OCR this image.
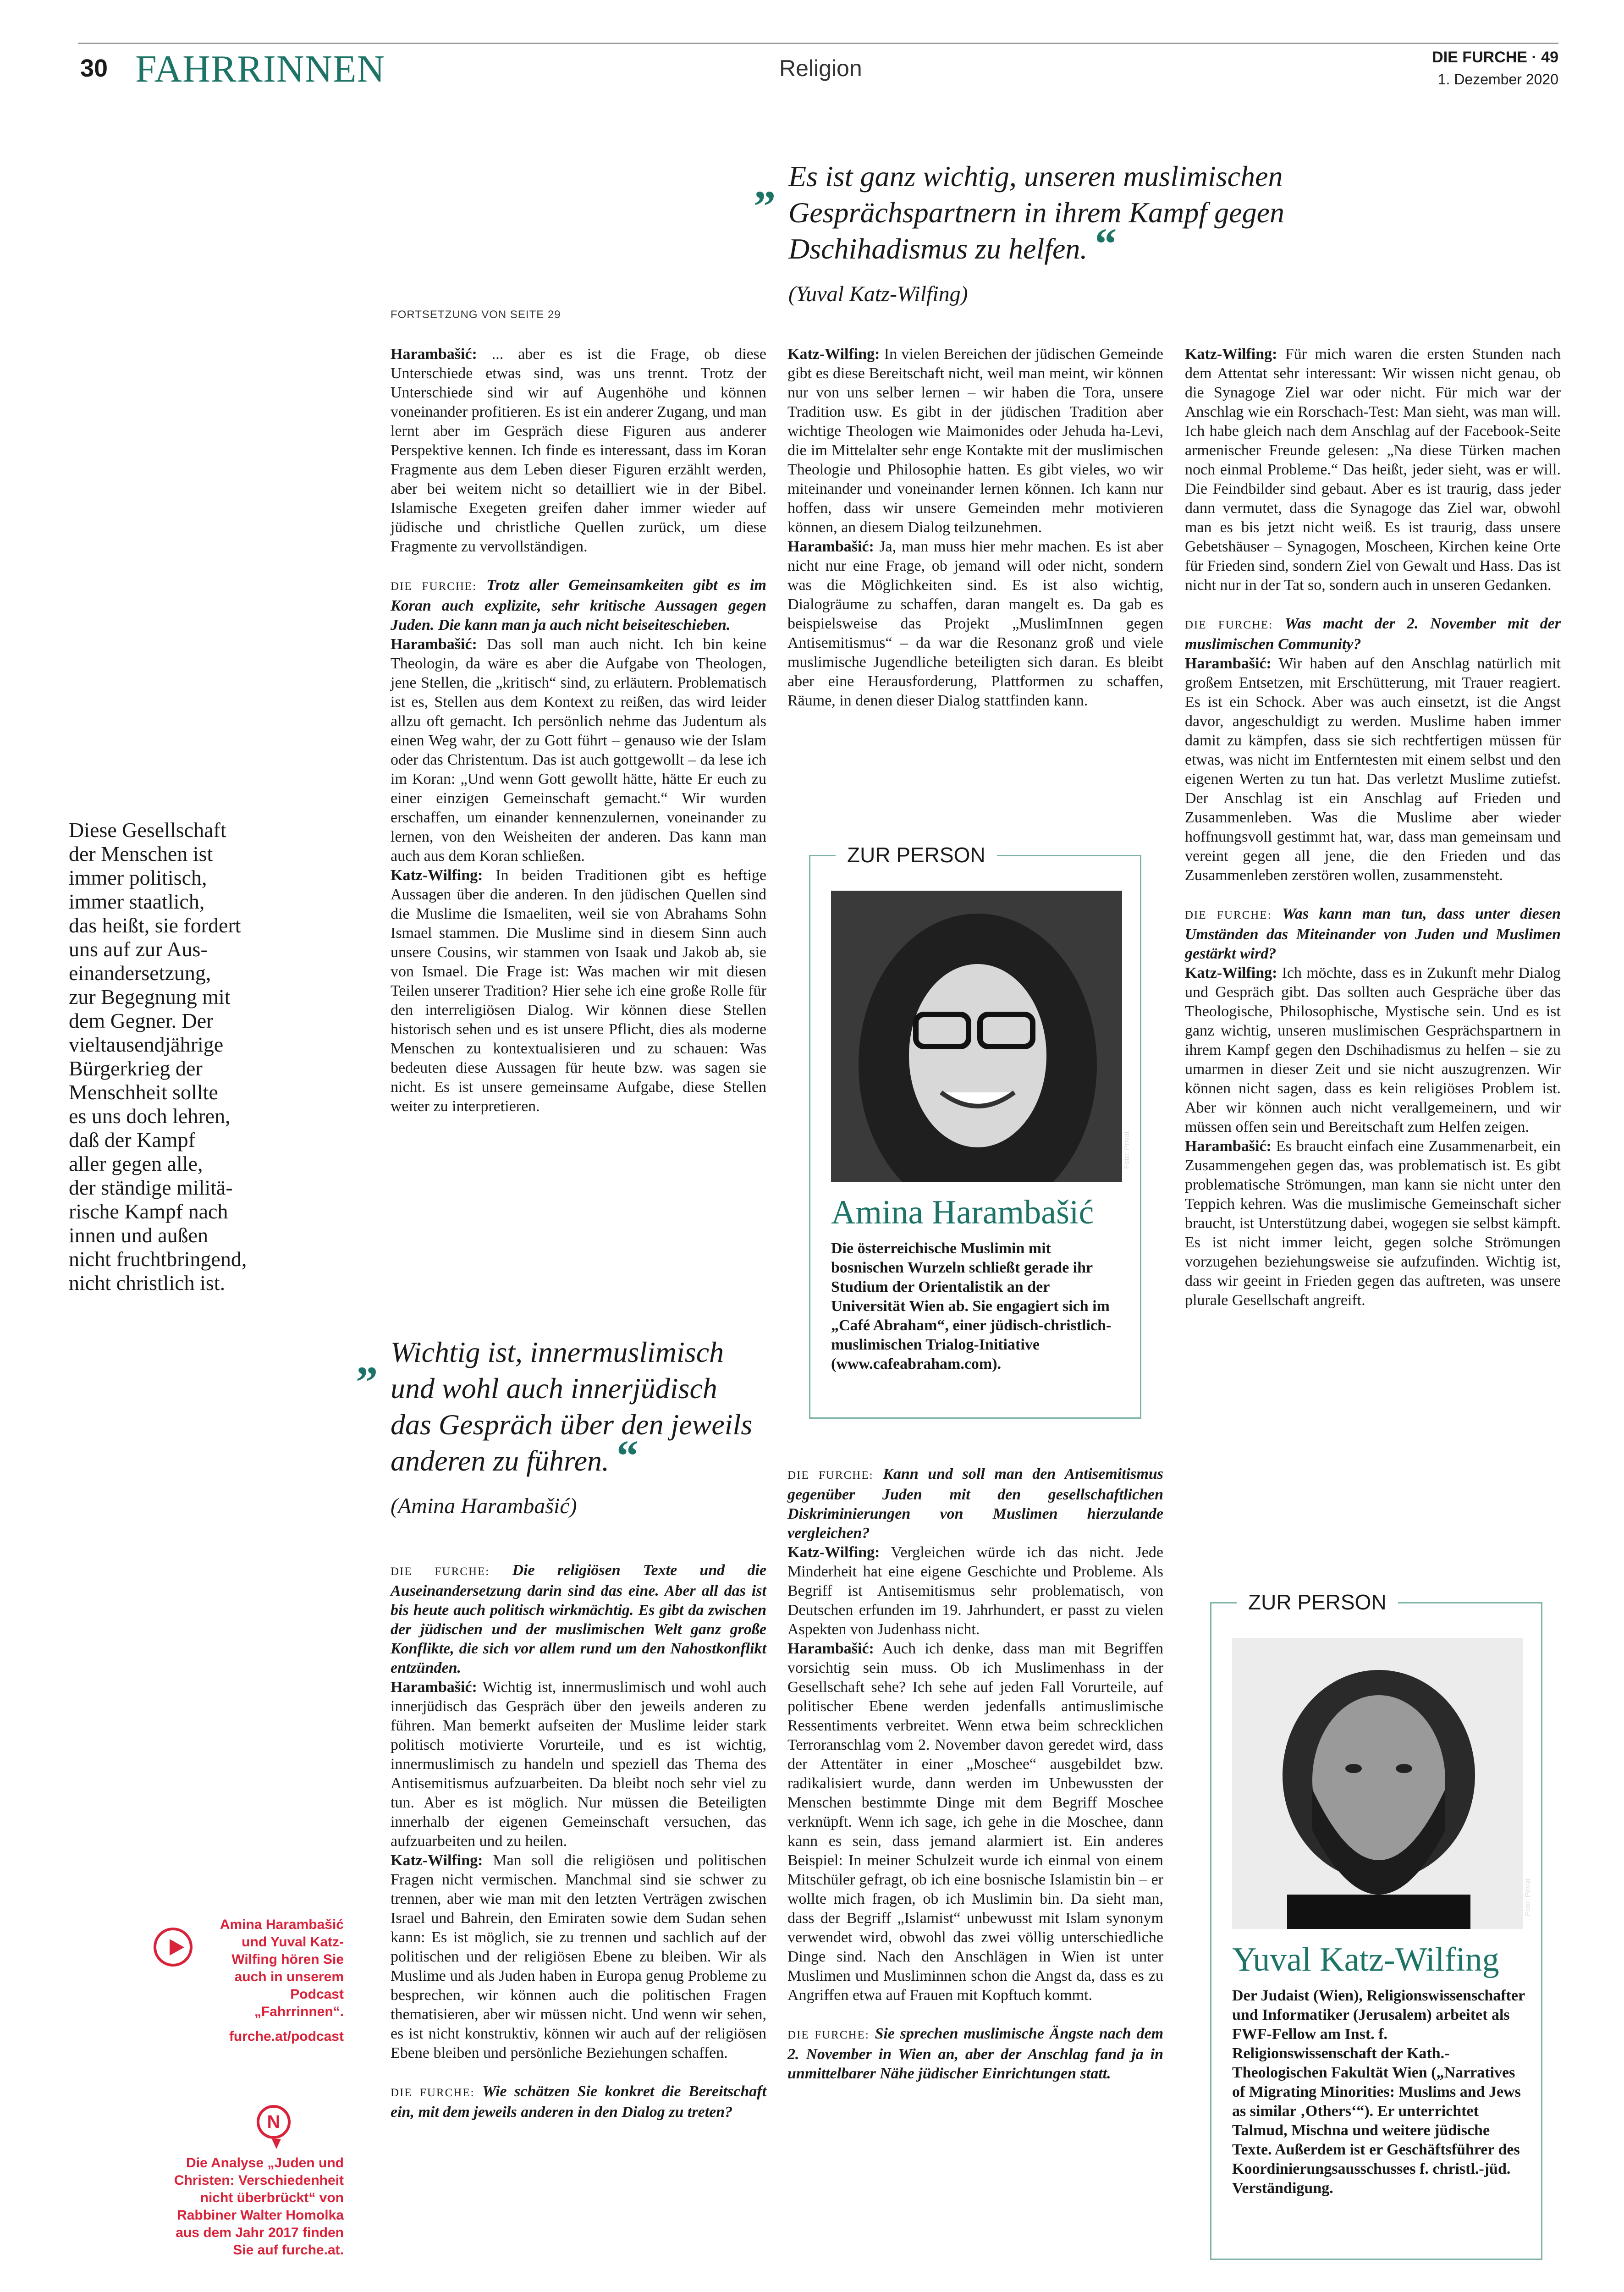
30 FAHRRINNEN	Religion	DIE FURCHE · 49
1. Dezember 2020
„ Es ist ganz wichtig, unseren muslimischen Gesprächspartnern in ihrem Kampf gegen Dschihadismus zu helfen. “
(Yuval Katz-Wilfing)
FORTSETZUNG VON SEITE 29
Diese Gesellschaft
der Menschen ist
immer politisch,
immer staatlich,
das heißt, sie fordert
uns auf zur Aus-
einandersetzung,
zur Begegnung mit
dem Gegner. Der
vieltausendjährige
Bürgerkrieg der
Menschheit sollte
es uns doch lehren,
daß der Kampf
aller gegen alle,
der ständige militä-
rische Kampf nach
innen und außen
nicht fruchtbringend,
nicht christlich ist.
Amina Harambašić und Yuval Katz-Wilfing hören Sie auch in unserem Podcast „Fahrrinnen“.
furche.at/podcast
N
Die Analyse „Juden und Christen: Verschiedenheit nicht überbrückt“ von Rabbiner Walter Homolka aus dem Jahr 2017 finden Sie auf furche.at.

Harambašić: ... aber es ist die Frage, ob diese Unterschiede etwas sind, was uns trennt. Trotz der Unterschiede sind wir auf Augenhöhe und können voneinander profitieren. Es ist ein anderer Zugang, und man lernt aber im Gespräch diese Figuren aus anderer Perspektive kennen. Ich finde es interessant, dass im Koran Fragmente aus dem Leben dieser Figuren erzählt werden, aber bei weitem nicht so detailliert wie in der Bibel. Islamische Exegeten greifen daher immer wieder auf jüdische und christliche Quellen zurück, um diese Fragmente zu vervollständigen.

DIE FURCHE: Trotz aller Gemeinsamkeiten gibt es im Koran auch explizite, sehr kritische Aussagen gegen Juden. Die kann man ja auch nicht beiseiteschieben.

Harambašić: Das soll man auch nicht. Ich bin keine Theologin, da wäre es aber die Aufgabe von Theologen, jene Stellen, die „kritisch“ sind, zu erläutern. Problematisch ist es, Stellen aus dem Kontext zu reißen, das wird leider allzu oft gemacht. Ich persönlich nehme das Judentum als einen Weg wahr, der zu Gott führt – genauso wie der Islam oder das Christentum. Das ist auch gottgewollt – da lese ich im Koran: „Und wenn Gott gewollt hätte, hätte Er euch zu einer einzigen Gemeinschaft gemacht.“ Wir wurden erschaffen, um einander kennenzulernen, voneinander zu lernen, von den Weisheiten der anderen. Das kann man auch aus dem Koran schließen.

Katz-Wilfing: In beiden Traditionen gibt es heftige Aussagen über die anderen. In den jüdischen Quellen sind die Muslime die Ismaeliten, weil sie von Abrahams Sohn Ismael stammen. Die Muslime sind in diesem Sinn auch unsere Cousins, wir stammen von Isaak und Jakob ab, sie von Ismael. Die Frage ist: Was machen wir mit diesen Teilen unserer Tradition? Hier sehe ich eine große Rolle für den interreligiösen Dialog. Wir können diese Stellen historisch sehen und es ist unsere Pflicht, dies als moderne Menschen zu kontextualisieren und zu schauen: Was bedeuten diese Aussagen für heute bzw. was sagen sie nicht. Es ist unsere gemeinsame Aufgabe, diese Stellen weiter zu interpretieren.

„ Wichtig ist, innermuslimisch und wohl auch innerjüdisch das Gespräch über den jeweils anderen zu führen. “
(Amina Harambašić)

DIE FURCHE: Die religiösen Texte und die Auseinandersetzung darin sind das eine. Aber all das ist bis heute auch politisch wirkmächtig. Es gibt da zwischen der jüdischen und der muslimischen Welt ganz große Konflikte, die sich vor allem rund um den Nahostkonflikt entzünden.

Harambašić: Wichtig ist, innermuslimisch und wohl auch innerjüdisch das Gespräch über den jeweils anderen zu führen. Man bemerkt aufseiten der Muslime leider stark politisch motivierte Vorurteile, und es ist wichtig, innermuslimisch zu handeln und speziell das Thema des Antisemitismus aufzuarbeiten. Da bleibt noch sehr viel zu tun. Aber es ist möglich. Nur müssen die Beteiligten innerhalb der eigenen Gemeinschaft versuchen, das aufzuarbeiten und zu heilen.

Katz-Wilfing: Man soll die religiösen und politischen Fragen nicht vermischen. Manchmal sind sie schwer zu trennen, aber wie man mit den letzten Verträgen zwischen Israel und Bahrein, den Emiraten sowie dem Sudan sehen kann: Es ist möglich, sie zu trennen und sachlich auf der politischen und der religiösen Ebene zu bleiben. Wir als Muslime und als Juden haben in Europa genug Probleme zu besprechen, wir können auch die politischen Fragen thematisieren, aber wir müssen nicht. Und wenn wir sehen, es ist nicht konstruktiv, können wir auch auf der religiösen Ebene bleiben und persönliche Beziehungen schaffen.

DIE FURCHE: Wie schätzen Sie konkret die Bereitschaft ein, mit dem jeweils anderen in den Dialog zu treten?

Katz-Wilfing: In vielen Bereichen der jüdischen Gemeinde gibt es diese Bereitschaft nicht, weil man meint, wir können nur von uns selber lernen – wir haben die Tora, unsere Tradition usw. Es gibt in der jüdischen Tradition aber wichtige Theologen wie Maimonides oder Jehuda ha-Levi, die im Mittelalter sehr enge Kontakte mit der muslimischen Theologie und Philosophie hatten. Es gibt vieles, wo wir miteinander und voneinander lernen können. Ich kann nur hoffen, dass wir unsere Gemeinden mehr motivieren können, an diesem Dialog teilzunehmen.

Harambašić: Ja, man muss hier mehr machen. Es ist aber nicht nur eine Frage, ob jemand will oder nicht, sondern was die Möglichkeiten sind. Es ist also wichtig, Dialogräume zu schaffen, daran mangelt es. Da gab es beispielsweise das Projekt „MuslimInnen gegen Antisemitismus“ – da war die Resonanz groß und viele muslimische Jugendliche beteiligten sich daran. Es bleibt aber eine Herausforderung, Plattformen zu schaffen, Räume, in denen dieser Dialog stattfinden kann.

ZUR PERSON
Foto: Privat
Amina Harambašić
Die österreichische Muslimin mit bosnischen Wurzeln schließt gerade ihr Studium der Orientalistik an der Universität Wien ab. Sie engagiert sich im „Café Abraham“, einer jüdisch-christlich-muslimischen Trialog-Initiative (www.cafeabraham.com).

DIE FURCHE: Kann und soll man den Antisemitismus gegenüber Juden mit den gesellschaftlichen Diskriminierungen von Muslimen hierzulande vergleichen?

Katz-Wilfing: Vergleichen würde ich das nicht. Jede Minderheit hat eine eigene Geschichte und Probleme. Als Begriff ist Antisemitismus sehr problematisch, von Deutschen erfunden im 19. Jahrhundert, er passt zu vielen Aspekten von Judenhass nicht.

Harambašić: Auch ich denke, dass man mit Begriffen vorsichtig sein muss. Ob ich Muslimenhass in der Gesellschaft sehe? Ich sehe auf jeden Fall Vorurteile, auf politischer Ebene werden jedenfalls antimuslimische Ressentiments verbreitet. Wenn etwa beim schrecklichen Terroranschlag vom 2. November davon geredet wird, dass der Attentäter in einer „Moschee“ ausgebildet bzw. radikalisiert wurde, dann werden im Unbewussten der Menschen bestimmte Dinge mit dem Begriff Moschee verknüpft. Wenn ich sage, ich gehe in die Moschee, dann kann es sein, dass jemand alarmiert ist. Ein anderes Beispiel: In meiner Schulzeit wurde ich einmal von einem Mitschüler gefragt, ob ich eine bosnische Islamistin bin – er wollte mich fragen, ob ich Muslimin bin. Da sieht man, dass der Begriff „Islamist“ unbewusst mit Islam synonym verwendet wird, obwohl das zwei völlig unterschiedliche Dinge sind. Nach den Anschlägen in Wien ist unter Muslimen und Musliminnen schon die Angst da, dass es zu Angriffen etwa auf Frauen mit Kopftuch kommt.

DIE FURCHE: Sie sprechen muslimische Ängste nach dem 2. November in Wien an, aber der Anschlag fand ja in unmittelbarer Nähe jüdischer Einrichtungen statt.

Katz-Wilfing: Für mich waren die ersten Stunden nach dem Attentat sehr interessant: Wir wissen nicht genau, ob die Synagoge Ziel war oder nicht. Für mich war der Anschlag wie ein Rorschach-Test: Man sieht, was man will. Ich habe gleich nach dem Anschlag auf der Facebook-Seite armenischer Freunde gelesen: „Na diese Türken machen noch einmal Probleme.“ Das heißt, jeder sieht, was er will. Die Feindbilder sind gebaut. Aber es ist traurig, dass jeder dann vermutet, dass die Synagoge das Ziel war, obwohl man es bis jetzt nicht weiß. Es ist traurig, dass unsere Gebetshäuser – Synagogen, Moscheen, Kirchen keine Orte für Frieden sind, sondern Ziel von Gewalt und Hass. Das ist nicht nur in der Tat so, sondern auch in unseren Gedanken.

DIE FURCHE: Was macht der 2. November mit der muslimischen Community?

Harambašić: Wir haben auf den Anschlag natürlich mit großem Entsetzen, mit Erschütterung, mit Trauer reagiert. Es ist ein Schock. Aber was auch einsetzt, ist die Angst davor, angeschuldigt zu werden. Muslime haben immer damit zu kämpfen, dass sie sich rechtfertigen müssen für etwas, was nicht im Entferntesten mit einem selbst und den eigenen Werten zu tun hat. Das verletzt Muslime zutiefst. Der Anschlag ist ein Anschlag auf Frieden und Zusammenleben. Was die Muslime aber wieder hoffnungsvoll gestimmt hat, war, dass man gemeinsam und vereint gegen all jene, die den Frieden und das Zusammenleben zerstören wollen, zusammensteht.

DIE FURCHE: Was kann man tun, dass unter diesen Umständen das Miteinander von Juden und Muslimen gestärkt wird?

Katz-Wilfing: Ich möchte, dass es in Zukunft mehr Dialog und Gespräch gibt. Das sollten auch Gespräche über das Theologische, Philosophische, Mystische sein. Und es ist ganz wichtig, unseren muslimischen Gesprächspartnern in ihrem Kampf gegen den Dschihadismus zu helfen – sie zu umarmen in dieser Zeit und sie nicht auszugrenzen. Wir können nicht sagen, dass es kein religiöses Problem ist. Aber wir können auch nicht verallgemeinern, und wir müssen offen sein und Bereitschaft zum Helfen zeigen.

Harambašić: Es braucht einfach eine Zusammenarbeit, ein Zusammengehen gegen das, was problematisch ist. Es gibt problematische Strömungen, man kann sie nicht unter den Teppich kehren. Was die muslimische Gemeinschaft sicher braucht, ist Unterstützung dabei, wogegen sie selbst kämpft. Es ist nicht immer leicht, gegen solche Strömungen vorzugehen beziehungsweise sie aufzufinden. Wichtig ist, dass wir geeint in Frieden gegen das auftreten, was unsere plurale Gesellschaft angreift.

ZUR PERSON
Foto: Privat
Yuval Katz-Wilfing
Der Judaist (Wien), Religionswissenschafter und Informatiker (Jerusalem) arbeitet als FWF-Fellow am Inst. f. Religionswissenschaft der Kath.-Theologischen Fakultät Wien („Narratives of Migrating Minorities: Muslims and Jews as similar ‚Others‘“). Er unterrichtet Talmud, Mischna und weitere jüdische Texte. Außerdem ist er Geschäftsführer des Koordinierungsausschusses f. christl.-jüd. Verständigung.
